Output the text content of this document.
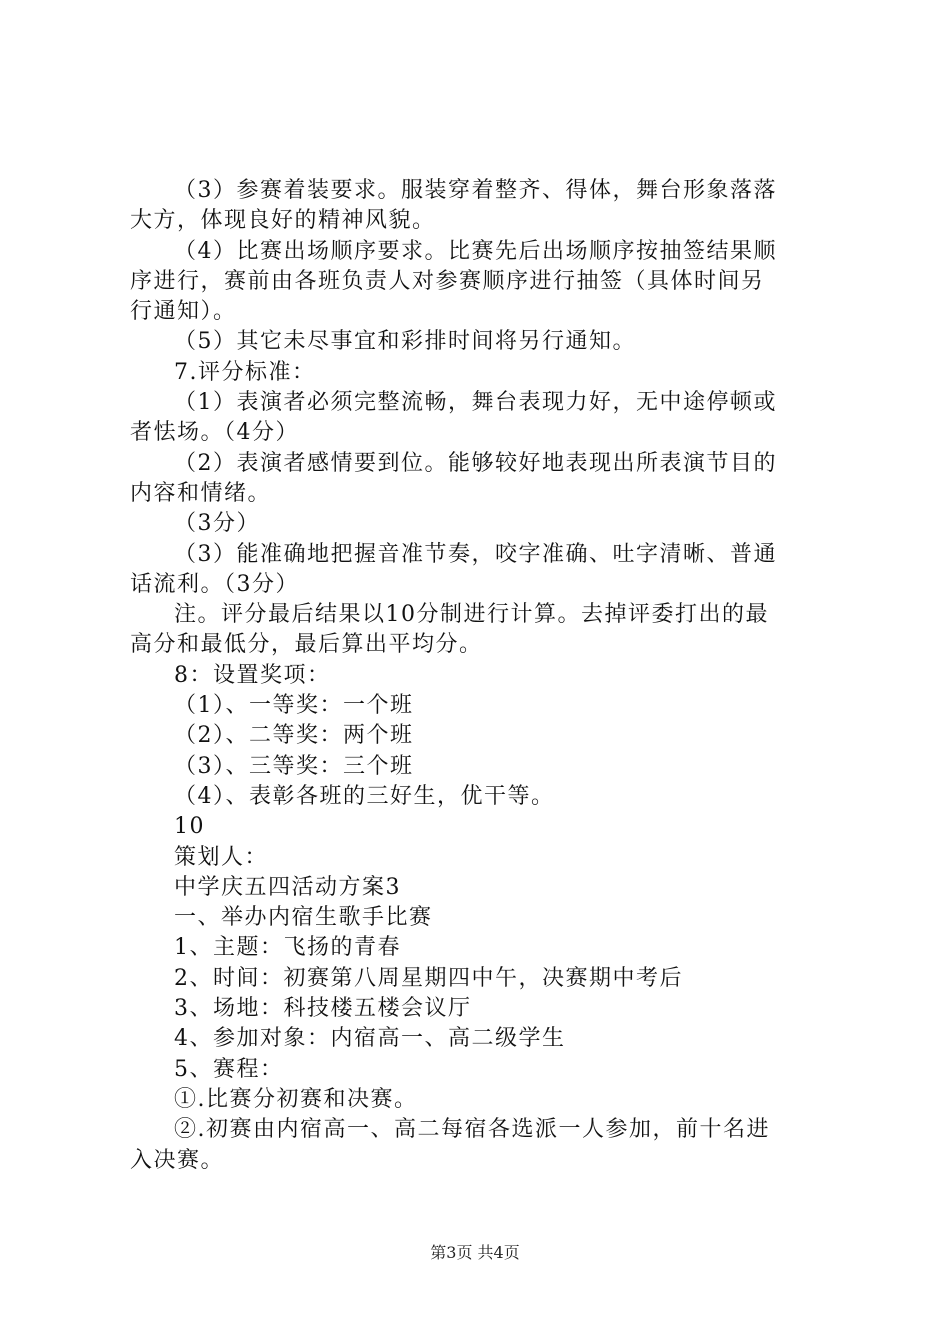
（3）参赛着装要求。服装穿着整齐、得体，舞台形象落落
大方，体现良好的精神风貌。
（4）比赛出场顺序要求。比赛先后出场顺序按抽签结果顺
序进行，赛前由各班负责人对参赛顺序进行抽签（具体时间另
行通知）。
（5）其它未尽事宜和彩排时间将另行通知。
7.评分标准：
（1）表演者必须完整流畅，舞台表现力好，无中途停顿或
者怯场。（4分）
（2）表演者感情要到位。能够较好地表现出所表演节目的
内容和情绪。
（3分）
（3）能准确地把握音准节奏，咬字准确、吐字清晰、普通
话流利。（3分）
注。评分最后结果以10分制进行计算。去掉评委打出的最
高分和最低分，最后算出平均分。
8：设置奖项：
（1）、一等奖：一个班
（2）、二等奖：两个班
（3）、三等奖：三个班
（4）、表彰各班的三好生，优干等。
10
策划人：
中学庆五四活动方案3
一、举办内宿生歌手比赛
1、主题：飞扬的青春
2、时间：初赛第八周星期四中午，决赛期中考后
3、场地：科技楼五楼会议厅
4、参加对象：内宿高一、高二级学生
5、赛程：
①.比赛分初赛和决赛。
②.初赛由内宿高一、高二每宿各选派一人参加，前十名进
入决赛。
第3页 共4页
